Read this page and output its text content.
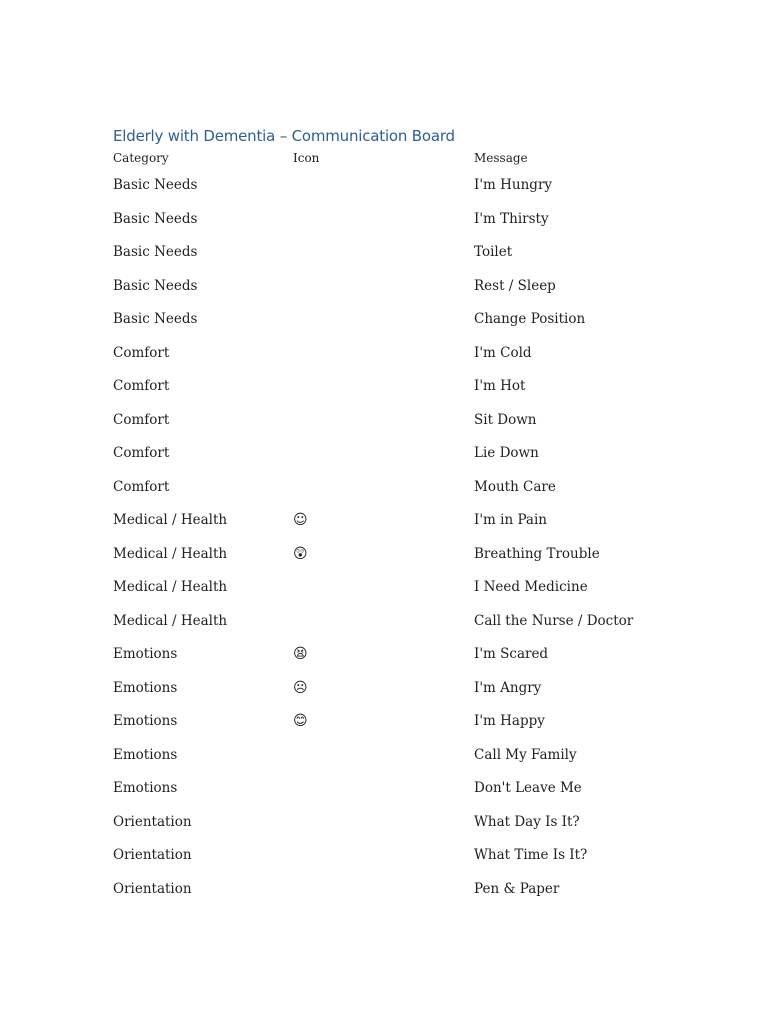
Elderly with Dementia – Communication Board
Category	Icon	Message
Basic Needs		I'm Hungry
Basic Needs		I'm Thirsty
Basic Needs		Toilet
Basic Needs		Rest / Sleep
Basic Needs		Change Position
Comfort		I'm Cold
Comfort		I'm Hot
Comfort		Sit Down
Comfort		Lie Down
Comfort		Mouth Care
Medical / Health	☺	I'm in Pain
Medical / Health	😲	Breathing Trouble
Medical / Health		I Need Medicine
Medical / Health		Call the Nurse / Doctor
Emotions	😫	I'm Scared
Emotions	☹	I'm Angry
Emotions	😊	I'm Happy
Emotions		Call My Family
Emotions		Don't Leave Me
Orientation		What Day Is It?
Orientation		What Time Is It?
Orientation		Pen & Paper
